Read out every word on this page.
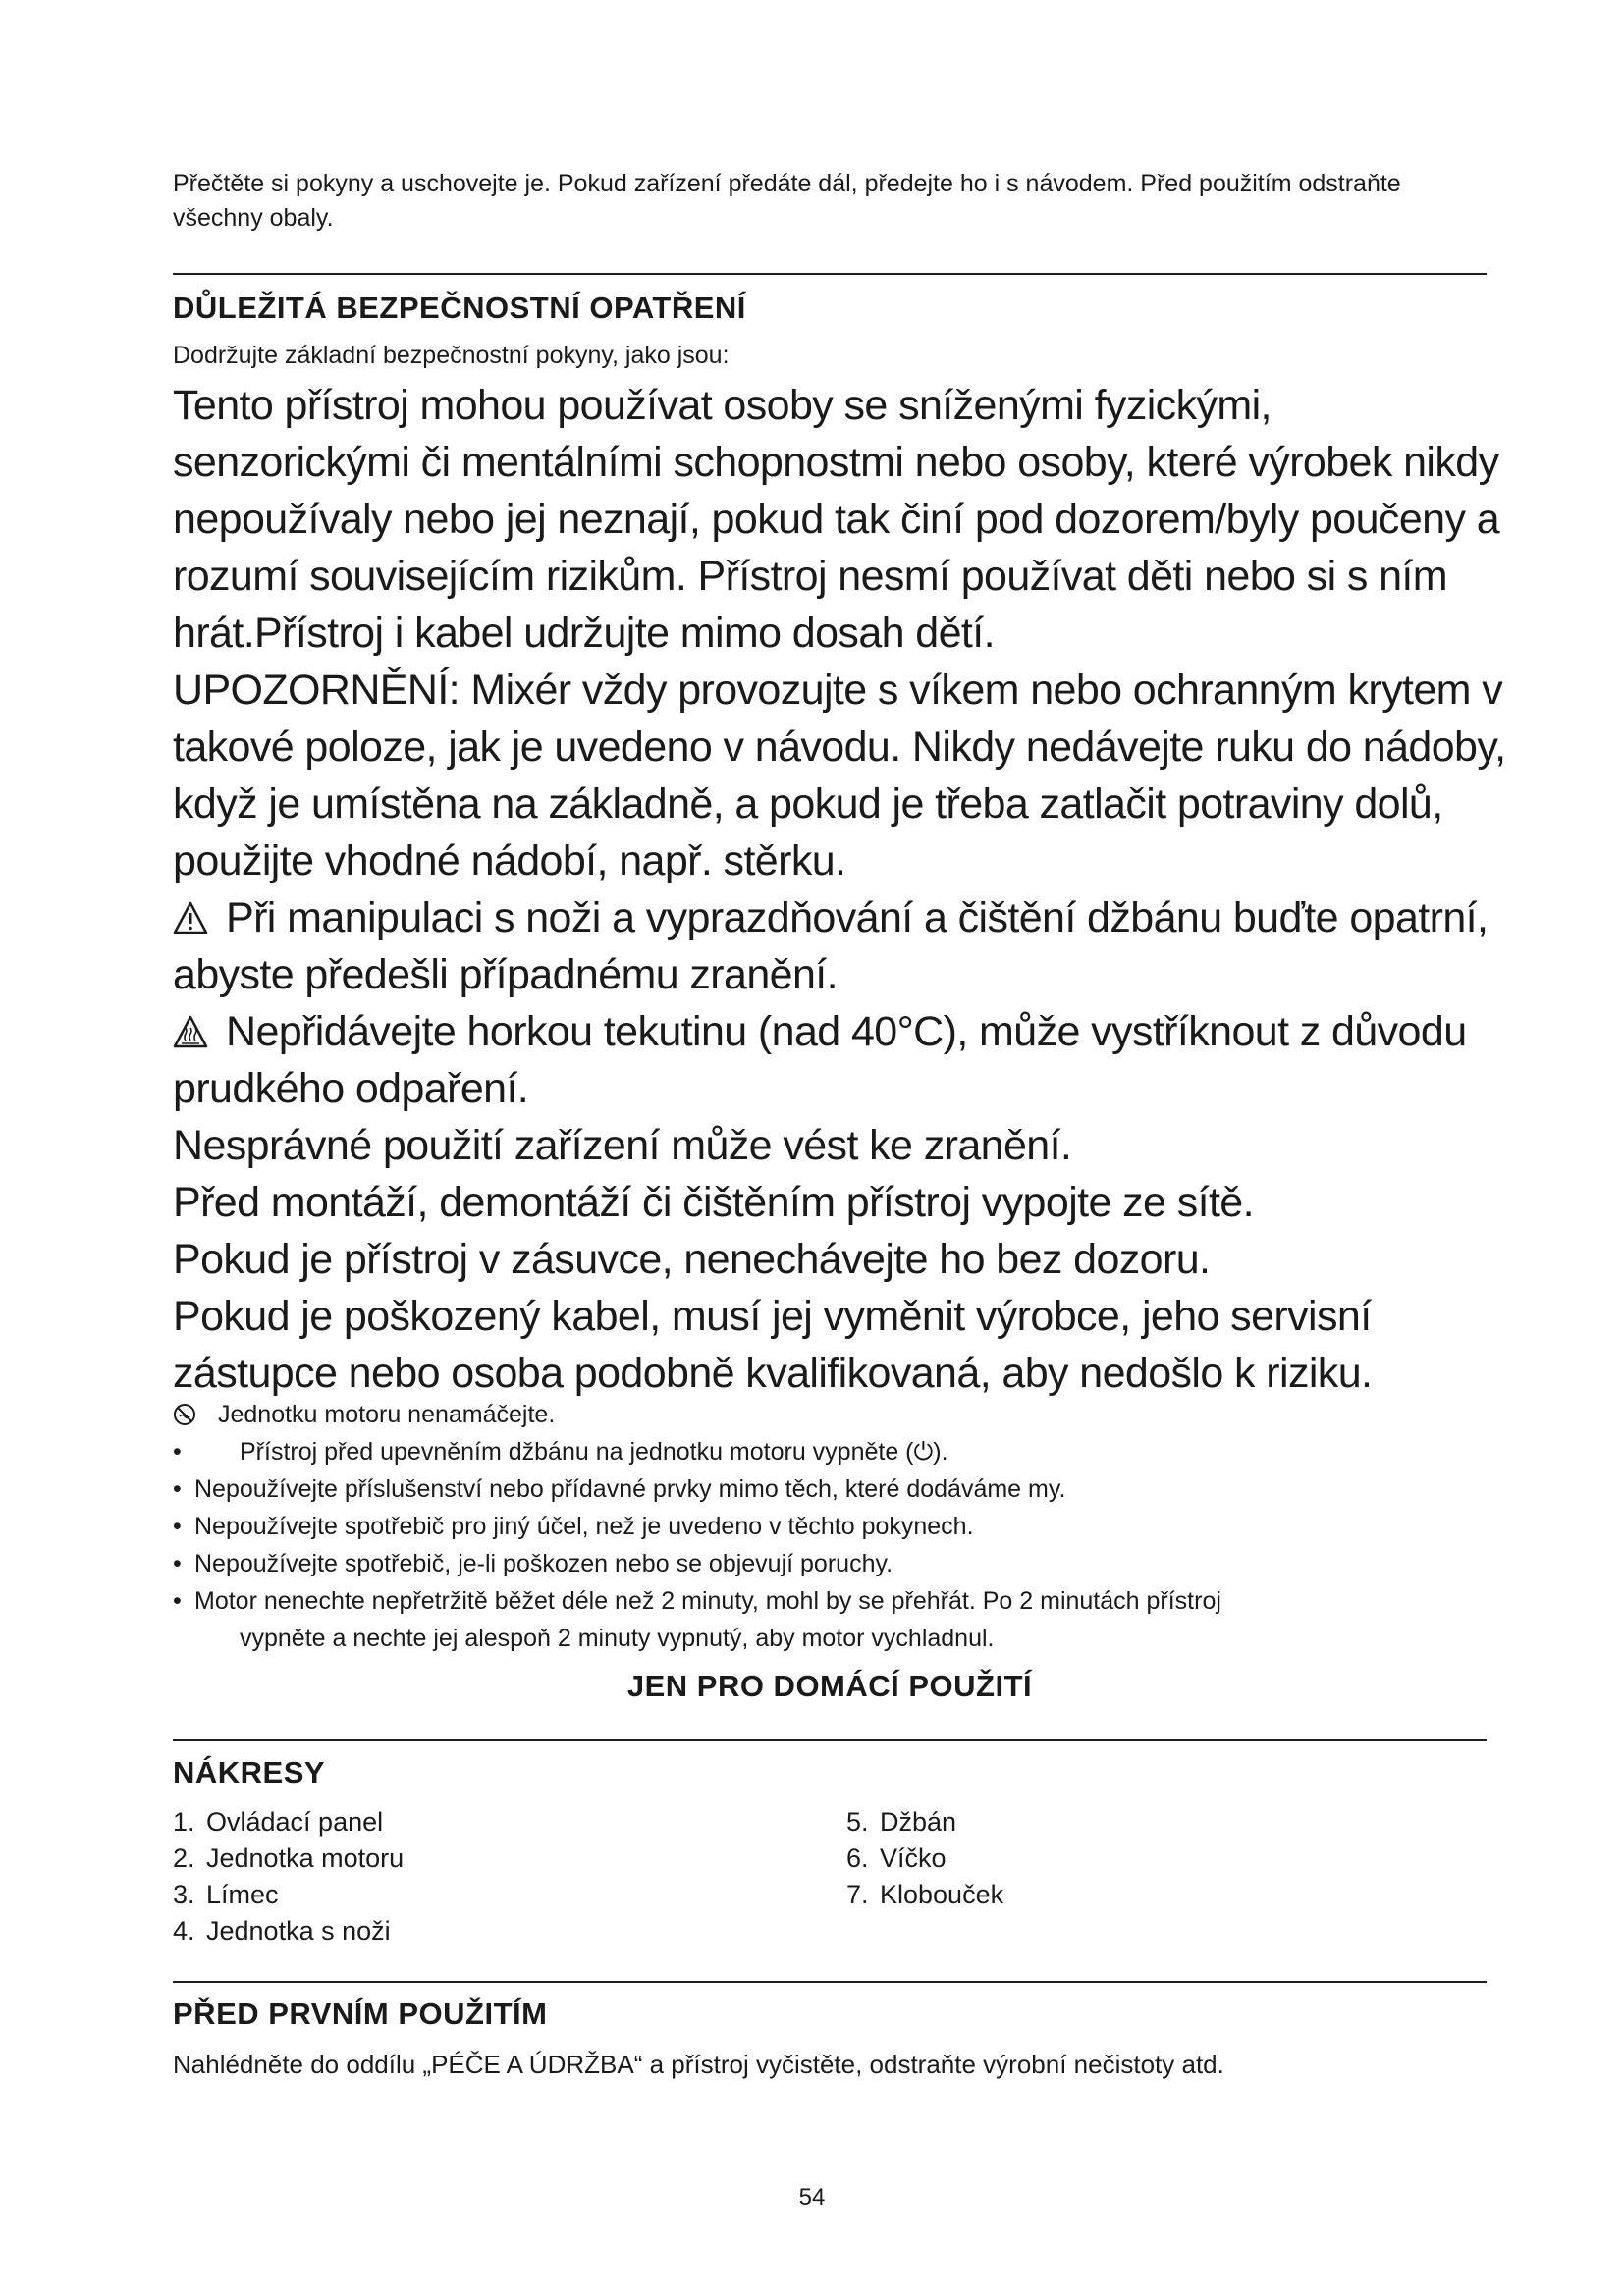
Přečtěte si pokyny a uschovejte je. Pokud zařízení předáte dál, předejte ho i s návodem. Před použitím odstraňte všechny obaly.
DŮLEŽITÁ BEZPEČNOSTNÍ OPATŘENÍ
Dodržujte základní bezpečnostní pokyny, jako jsou:

Tento přístroj mohou používat osoby se sníženými fyzickými, senzorickými či mentálními schopnostmi nebo osoby, které výrobek nikdy nepoužívaly nebo jej neznají, pokud tak činí pod dozorem/byly poučeny a rozumí souvisejícím rizikům. Přístroj nesmí používat děti nebo si s ním hrát.Přístroj i kabel udržujte mimo dosah dětí.

UPOZORNĚNÍ: Mixér vždy provozujte s víkem nebo ochranným krytem v takové poloze, jak je uvedeno v návodu. Nikdy nedávejte ruku do nádoby, když je umístěna na základně, a pokud je třeba zatlačit potraviny dolů, použijte vhodné nádobí, např. stěrku.

Při manipulaci s noži a vyprazdňování a čištění džbánu buďte opatrní, abyste předešli případnému zranění.

Nepřidávejte horkou tekutinu (nad 40°C), může vystříknout z důvodu prudkého odpaření.

Nesprávné použití zařízení může vést ke zranění.

Před montáží, demontáží či čištěním přístroj vypojte ze sítě.

Pokud je přístroj v zásuvce, nenechávejte ho bez dozoru.

Pokud je poškozený kabel, musí jej vyměnit výrobce, jeho servisní zástupce nebo osoba podobně kvalifikovaná, aby nedošlo k riziku.

Jednotku motoru nenamáčejte.
• Přístroj před upevněním džbánu na jednotku motoru vypněte (⏻).
• Nepoužívejte příslušenství nebo přídavné prvky mimo těch, které dodáváme my.
• Nepoužívejte spotřebič pro jiný účel, než je uvedeno v těchto pokynech.
• Nepoužívejte spotřebič, je-li poškozen nebo se objevují poruchy.
• Motor nenechte nepřetržitě běžet déle než 2 minuty, mohl by se přehřát. Po 2 minutách přístroj
vypněte a nechte jej alespoň 2 minuty vypnutý, aby motor vychladnul.
JEN PRO DOMÁCÍ POUŽITÍ
NÁKRESY
1. Ovládací panel
2. Jednotka motoru
3. Límec
4. Jednotka s noži
5. Džbán
6. Víčko
7. Klobouček
PŘED PRVNÍM POUŽITÍM
Nahlédněte do oddílu „PÉČE A ÚDRŽBA“ a přístroj vyčistěte, odstraňte výrobní nečistoty atd.
54
